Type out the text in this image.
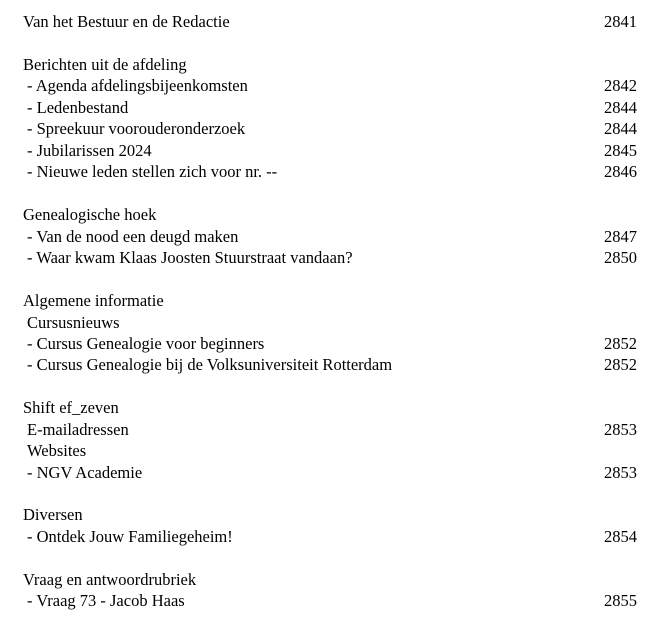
Van het Bestuur en de Redactie	2841
Berichten uit de afdeling
- Agenda afdelingsbijeenkomsten	2842
- Ledenbestand	2844
- Spreekuur voorouderonderzoek	2844
- Jubilarissen 2024	2845
- Nieuwe leden stellen zich voor nr. --	2846
Genealogische hoek
- Van de nood een deugd maken	2847
- Waar kwam Klaas Joosten Stuurstraat vandaan?	2850
Algemene informatie
Cursusnieuws
- Cursus Genealogie voor beginners	2852
- Cursus Genealogie bij de Volksuniversiteit Rotterdam	2852
Shift ef_zeven
E-mailadressen	2853
Websites
- NGV Academie	2853
Diversen
- Ontdek Jouw Familiegeheim!	2854
Vraag en antwoordrubriek
- Vraag 73 - Jacob Haas	2855
